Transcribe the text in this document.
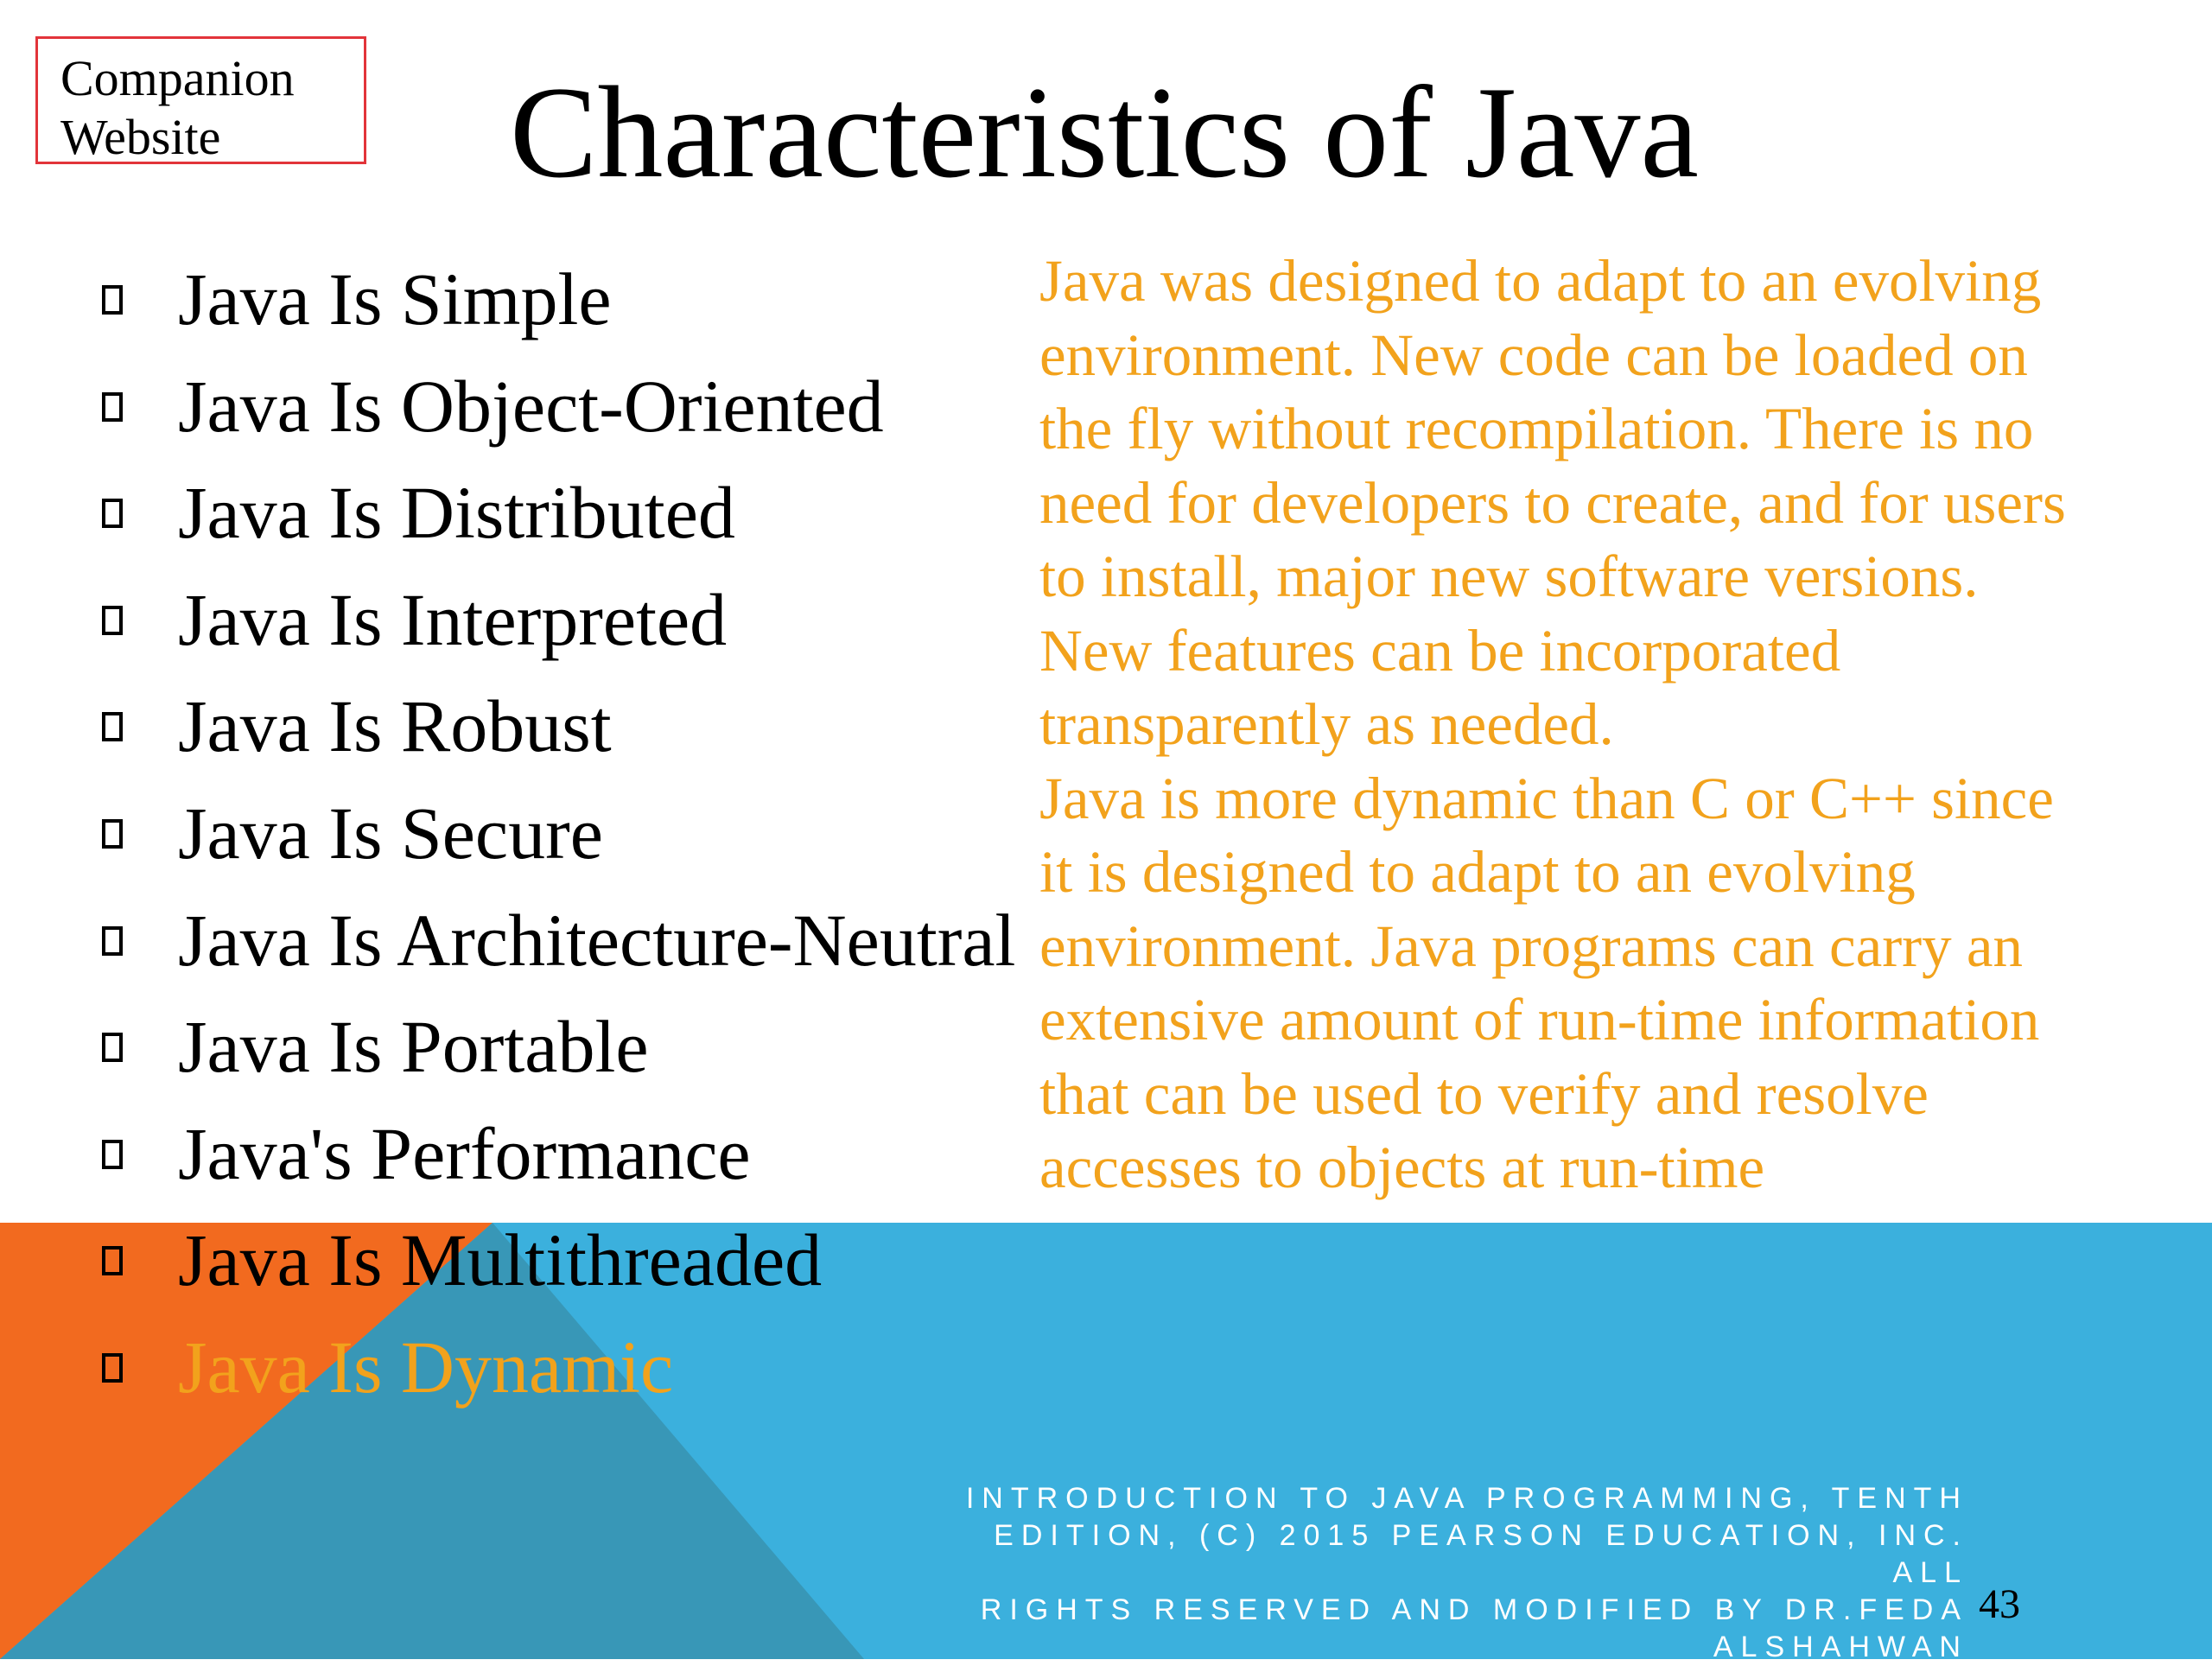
Companion
Website	Characteristics of Java
Java Is Simple
Java Is Object-Oriented
Java Is Distributed
Java Is Interpreted
Java Is Robust
Java Is Secure
Java Is Architecture-Neutral
Java Is Portable
Java's Performance
Java Is Multithreaded
Java Is Dynamic

Java was designed to adapt to an evolving
environment. New code can be loaded on
the fly without recompilation. There is no
need for developers to create, and for users
to install, major new software versions.
New features can be incorporated
transparently as needed.
Java is more dynamic than C or C++ since
it is designed to adapt to an evolving
environment. Java programs can carry an
extensive amount of run-time information
that can be used to verify and resolve
accesses to objects at run-time

INTRODUCTION TO JAVA PROGRAMMING, TENTH
EDITION, (C) 2015 PEARSON EDUCATION, INC. ALL
RIGHTS RESERVED AND MODIFIED BY DR.FEDA
ALSHAHWAN
43
